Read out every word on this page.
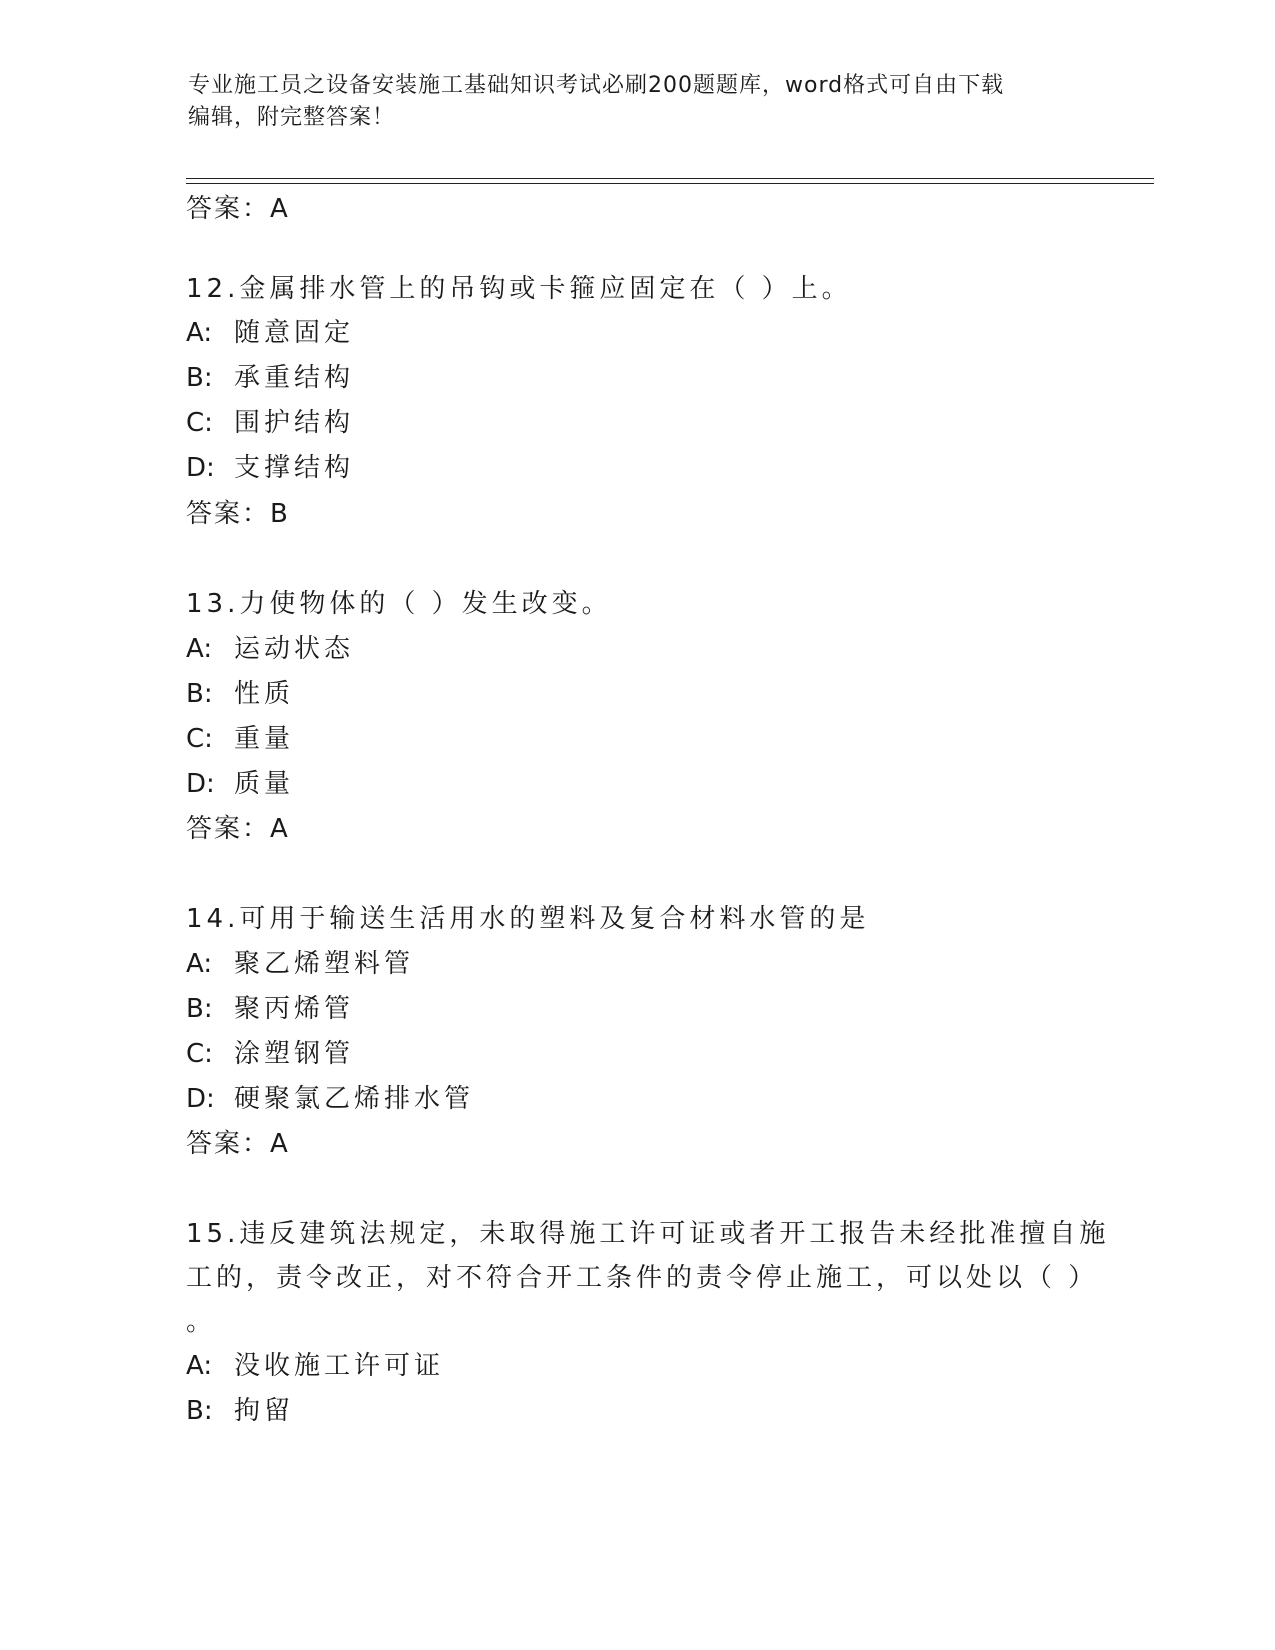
专业施工员之设备安装施工基础知识考试必刷200题题库，word格式可自由下载
编辑，附完整答案！
答案：A
12.金属排水管上的吊钩或卡箍应固定在（ ）上。
A: 随意固定
B: 承重结构
C: 围护结构
D: 支撑结构
答案：B
13.力使物体的（ ）发生改变。
A: 运动状态
B: 性质
C: 重量
D: 质量
答案：A
14.可用于输送生活用水的塑料及复合材料水管的是
A: 聚乙烯塑料管
B: 聚丙烯管
C: 涂塑钢管
D: 硬聚氯乙烯排水管
答案：A
15.违反建筑法规定，未取得施工许可证或者开工报告未经批准擅自施
工的，责令改正，对不符合开工条件的责令停止施工，可以处以（ ）
。
A: 没收施工许可证
B: 拘留
